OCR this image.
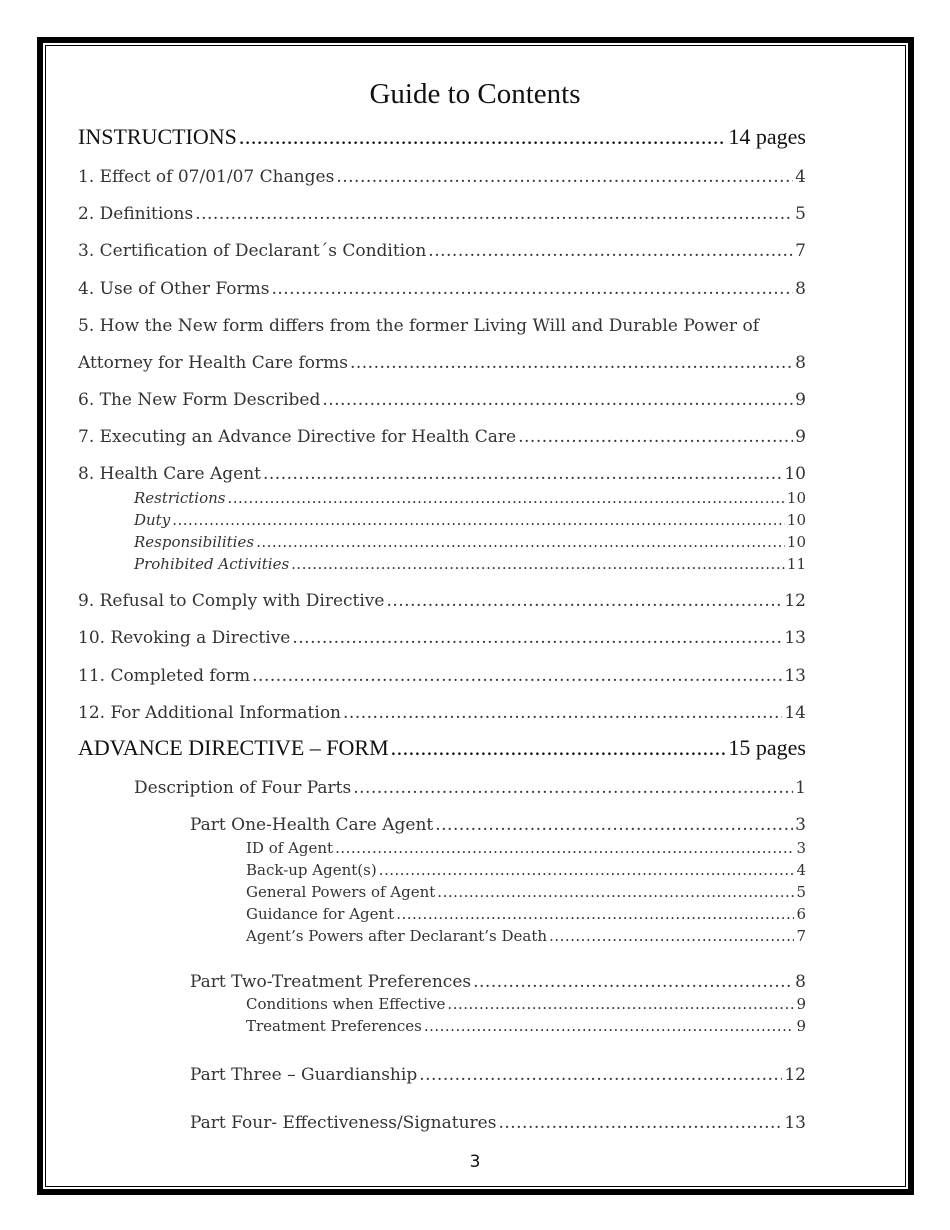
Guide to Contents
INSTRUCTIONS .....	14 pages
1. Effect of 07/01/07 Changes .....	4
2. Definitions .....	5
3. Certification of Declarant´s Condition .....	7
4. Use of Other Forms .....	8
5. How the New form differs from the former Living Will and Durable Power of
Attorney for Health Care forms .....	8
6. The New Form Described .....	9
7. Executing an Advance Directive for Health Care .....	9
8. Health Care Agent .....	10
Restrictions .....	10
Duty .....	10
Responsibilities .....	10
Prohibited Activities .....	11
9. Refusal to Comply with Directive .....	12
10. Revoking a Directive .....	13
11. Completed form .....	13
12. For Additional Information .....	14
ADVANCE DIRECTIVE – FORM .....	15 pages
Description of Four Parts .....	1
Part One-Health Care Agent .....	3
ID of Agent .....	3
Back-up Agent(s) .....	4
General Powers of Agent .....	5
Guidance for Agent .....	6
Agent’s Powers after Declarant’s Death .....	7
Part Two-Treatment Preferences .....	8
Conditions when Effective .....	9
Treatment Preferences .....	9
Part Three – Guardianship .....	12
Part Four- Effectiveness/Signatures .....	13
3
